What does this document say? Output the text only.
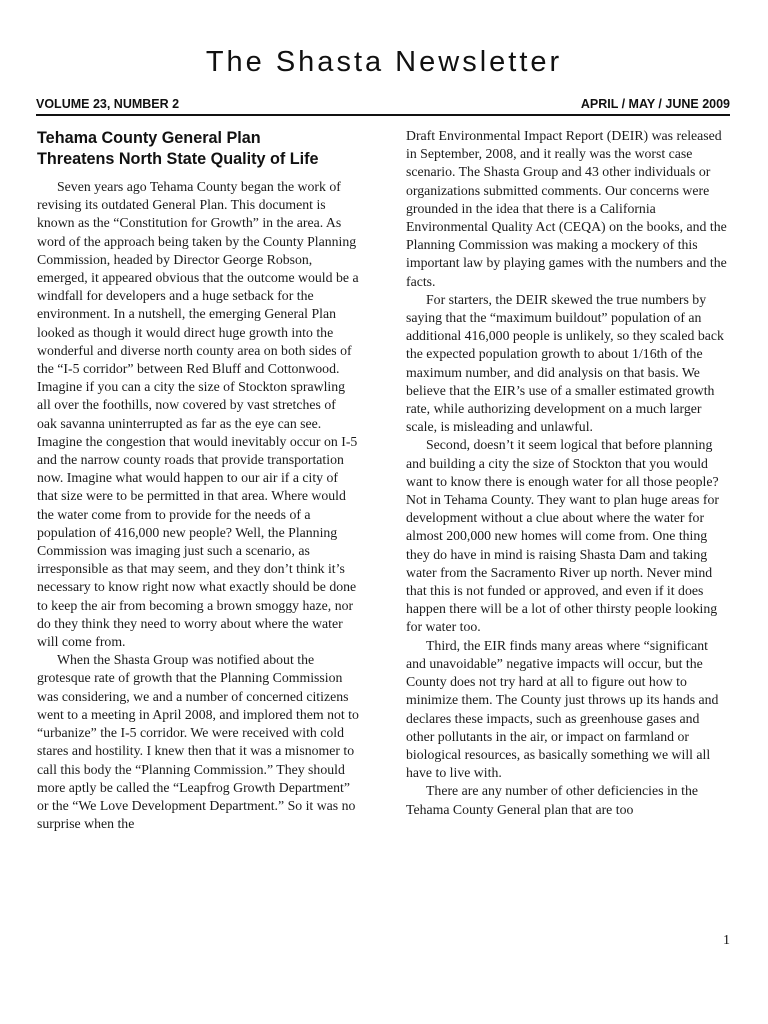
The Shasta Newsletter
VOLUME 23, NUMBER 2	APRIL / MAY / JUNE 2009
Tehama County General Plan
Threatens North State Quality of Life

Seven years ago Tehama County began the work of revising its outdated General Plan. This document is known as the “Constitution for Growth” in the area. As word of the approach being taken by the County Planning Commission, headed by Director George Robson, emerged, it appeared obvious that the outcome would be a windfall for developers and a huge setback for the environment. In a nutshell, the emerging General Plan looked as though it would direct huge growth into the wonderful and diverse north county area on both sides of the “I-5 corridor” between Red Bluff and Cottonwood. Imagine if you can a city the size of Stockton sprawling all over the foothills, now covered by vast stretches of oak savanna uninterrupted as far as the eye can see. Imagine the congestion that would inevitably occur on I-5 and the narrow county roads that provide transportation now. Imagine what would happen to our air if a city of that size were to be permitted in that area. Where would the water come from to provide for the needs of a population of 416,000 new people? Well, the Planning Commission was imaging just such a scenario, as irresponsible as that may seem, and they don’t think it’s necessary to know right now what exactly should be done to keep the air from becoming a brown smoggy haze, nor do they think they need to worry about where the water will come from.

When the Shasta Group was notified about the grotesque rate of growth that the Planning Commission was considering, we and a number of concerned citizens went to a meeting in April 2008, and implored them not to “urbanize” the I-5 corridor. We were received with cold stares and hostility. I knew then that it was a misnomer to call this body the “Planning Commission.” They should more aptly be called the “Leapfrog Growth Department” or the “We Love Development Department.” So it was no surprise when the

Draft Environmental Impact Report (DEIR) was released in September, 2008, and it really was the worst case scenario. The Shasta Group and 43 other individuals or organizations submitted comments. Our concerns were grounded in the idea that there is a California Environmental Quality Act (CEQA) on the books, and the Planning Commission was making a mockery of this important law by playing games with the numbers and the facts.

For starters, the DEIR skewed the true numbers by saying that the “maximum buildout” population of an additional 416,000 people is unlikely, so they scaled back the expected population growth to about 1/16th of the maximum number, and did analysis on that basis. We believe that the EIR’s use of a smaller estimated growth rate, while authorizing development on a much larger scale, is misleading and unlawful.

Second, doesn’t it seem logical that before planning and building a city the size of Stockton that you would want to know there is enough water for all those people? Not in Tehama County. They want to plan huge areas for development without a clue about where the water for almost 200,000 new homes will come from. One thing they do have in mind is raising Shasta Dam and taking water from the Sacramento River up north. Never mind that this is not funded or approved, and even if it does happen there will be a lot of other thirsty people looking for water too.

Third, the EIR finds many areas where “significant and unavoidable” negative impacts will occur, but the County does not try hard at all to figure out how to minimize them. The County just throws up its hands and declares these impacts, such as greenhouse gases and other pollutants in the air, or impact on farmland or biological resources, as basically something we will all have to live with.

There are any number of other deficiencies in the Tehama County General plan that are too

1
